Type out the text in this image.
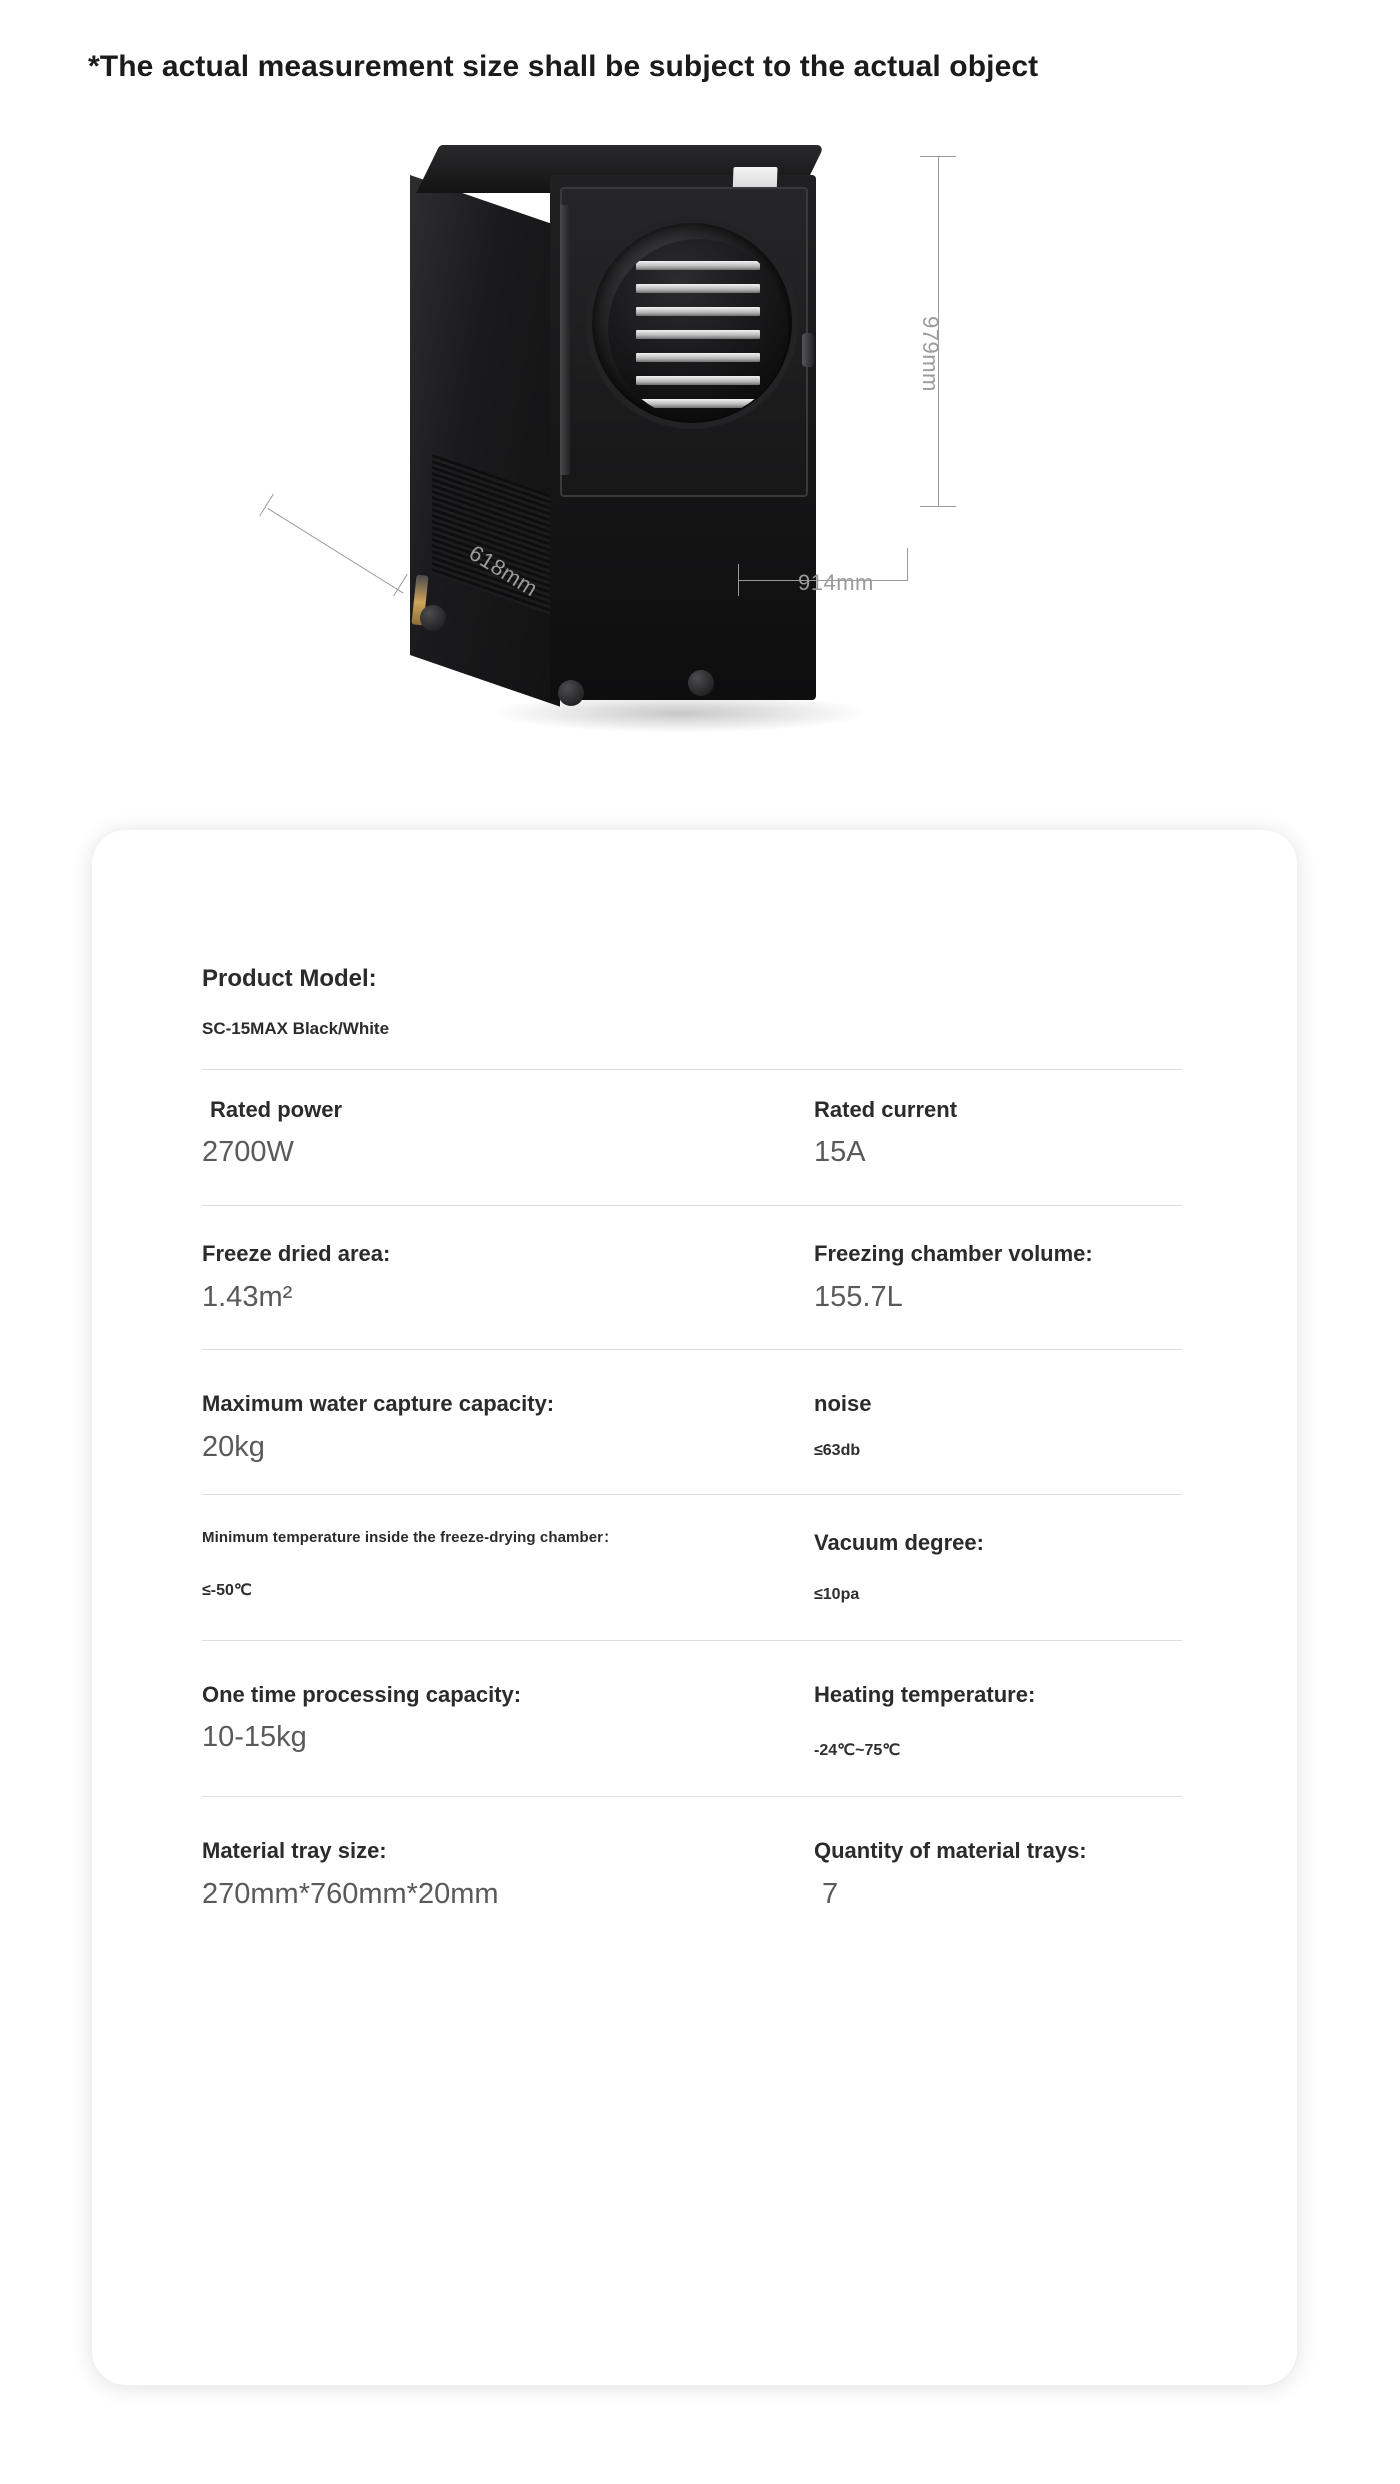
*The actual measurement size shall be subject to the actual object
979mm
914mm
618mm
Product Model:
SC-15MAX Black/White
Rated power
2700W
Rated current
15A
Freeze dried area:
1.43m²
Freezing chamber volume:
155.7L
Maximum water capture capacity:
20kg
noise
≤63db
Minimum temperature inside the freeze-drying chamber：
≤-50℃
Vacuum degree:
≤10pa
One time processing capacity:
10-15kg
Heating temperature:
-24℃~75℃
Material tray size:
270mm*760mm*20mm
Quantity of material trays:
7
